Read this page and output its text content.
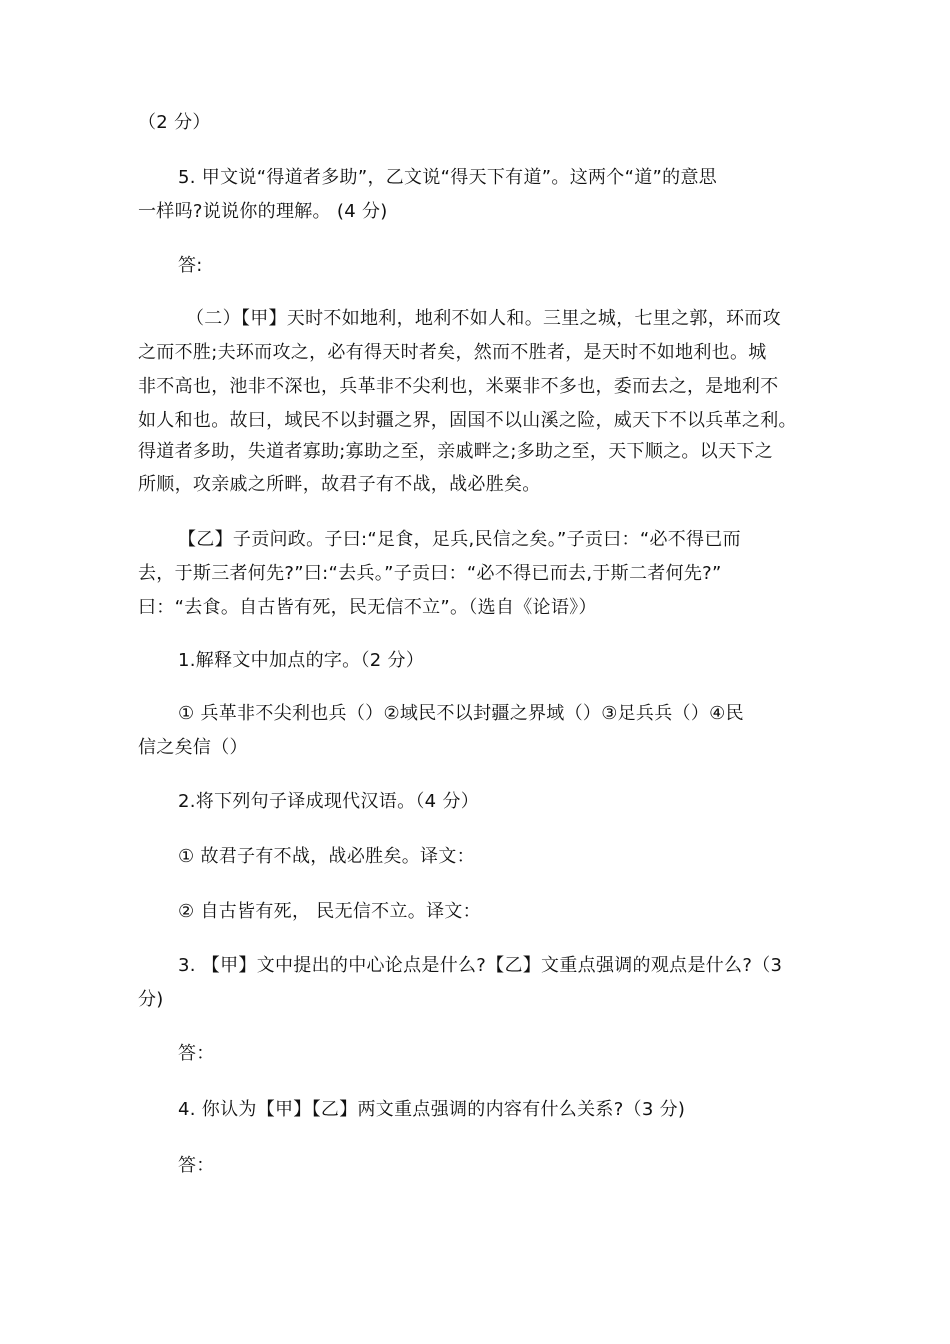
（2 分）
5. 甲文说“得道者多助”，乙文说“得天下有道”。这两个“道”的意思
一样吗?说说你的理解。 (4 分)
答:
（二）【甲】天时不如地利，地利不如人和。三里之城，七里之郭，环而攻
之而不胜;夫环而攻之，必有得天时者矣，然而不胜者，是天时不如地利也。城
非不高也，池非不深也，兵革非不尖利也，米粟非不多也，委而去之，是地利不
如人和也。故曰，域民不以封疆之界，固国不以山溪之险，威天下不以兵革之利。
得道者多助，失道者寡助;寡助之至，亲戚畔之;多助之至，天下顺之。以天下之
所顺，攻亲戚之所畔，故君子有不战，战必胜矣。
【乙】子贡问政。子曰:“足食，足兵,民信之矣。”子贡曰：“必不得已而
去，于斯三者何先?”曰:“去兵。”子贡曰：“必不得已而去,于斯二者何先?”
曰：“去食。自古皆有死，民无信不立”。（选自《论语》）
1.解释文中加点的字。（2 分）
① 兵革非不尖利也兵（）②域民不以封疆之界域（）③足兵兵（）④民
信之矣信（）
2.将下列句子译成现代汉语。（4 分）
① 故君子有不战，战必胜矣。译文：
② 自古皆有死， 民无信不立。译文：
3. 【甲】文中提出的中心论点是什么?【乙】文重点强调的观点是什么?（3
分)
答：
4. 你认为【甲】【乙】两文重点强调的内容有什么关系?（3 分)
答：
